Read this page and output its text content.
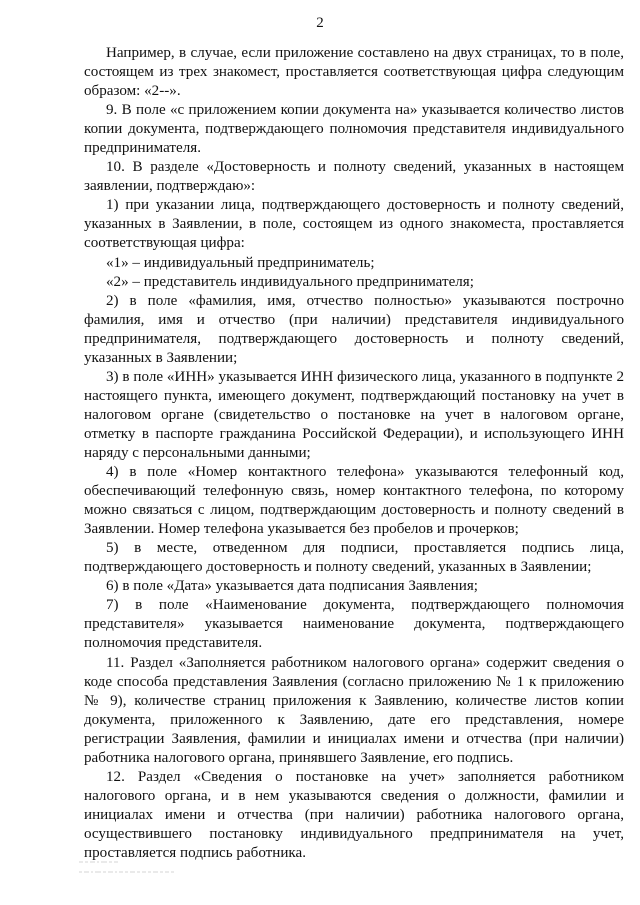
2

Например, в случае, если приложение составлено на двух страницах, то в поле, состоящем из трех знакомест, проставляется соответствующая цифра следующим образом: «2--».

9. В поле «с приложением копии документа на» указывается количество листов копии документа, подтверждающего полномочия представителя индивидуального предпринимателя.

10. В разделе «Достоверность и полноту сведений, указанных в настоящем заявлении, подтверждаю»:

1) при указании лица, подтверждающего достоверность и полноту сведений, указанных в Заявлении, в поле, состоящем из одного знакоместа, проставляется соответствующая цифра:

«1» – индивидуальный предприниматель;

«2» – представитель индивидуального предпринимателя;

2) в поле «фамилия, имя, отчество полностью» указываются построчно фамилия, имя и отчество (при наличии) представителя индивидуального предпринимателя, подтверждающего достоверность и полноту сведений, указанных в Заявлении;

3) в поле «ИНН» указывается ИНН физического лица, указанного в подпункте 2 настоящего пункта, имеющего документ, подтверждающий постановку на учет в налоговом органе (свидетельство о постановке на учет в налоговом органе, отметку в паспорте гражданина Российской Федерации), и использующего ИНН наряду с персональными данными;

4) в поле «Номер контактного телефона» указываются телефонный код, обеспечивающий телефонную связь, номер контактного телефона, по которому можно связаться с лицом, подтверждающим достоверность и полноту сведений в Заявлении. Номер телефона указывается без пробелов и прочерков;

5) в месте, отведенном для подписи, проставляется подпись лица, подтверждающего достоверность и полноту сведений, указанных в Заявлении;

6) в поле «Дата» указывается дата подписания Заявления;

7) в поле «Наименование документа, подтверждающего полномочия представителя» указывается наименование документа, подтверждающего полномочия представителя.

11. Раздел «Заполняется работником налогового органа» содержит сведения о коде способа представления Заявления (согласно приложению № 1 к приложению № 9), количестве страниц приложения к Заявлению, количестве листов копии документа, приложенного к Заявлению, дате его представления, номере регистрации Заявления, фамилии и инициалах имени и отчества (при наличии) работника налогового органа, принявшего Заявление, его подпись.

12. Раздел «Сведения о постановке на учет» заполняется работником налогового органа, и в нем указываются сведения о должности, фамилии и инициалах имени и отчества (при наличии) работника налогового органа, осуществившего постановку индивидуального предпринимателя на учет, проставляется подпись работника.
